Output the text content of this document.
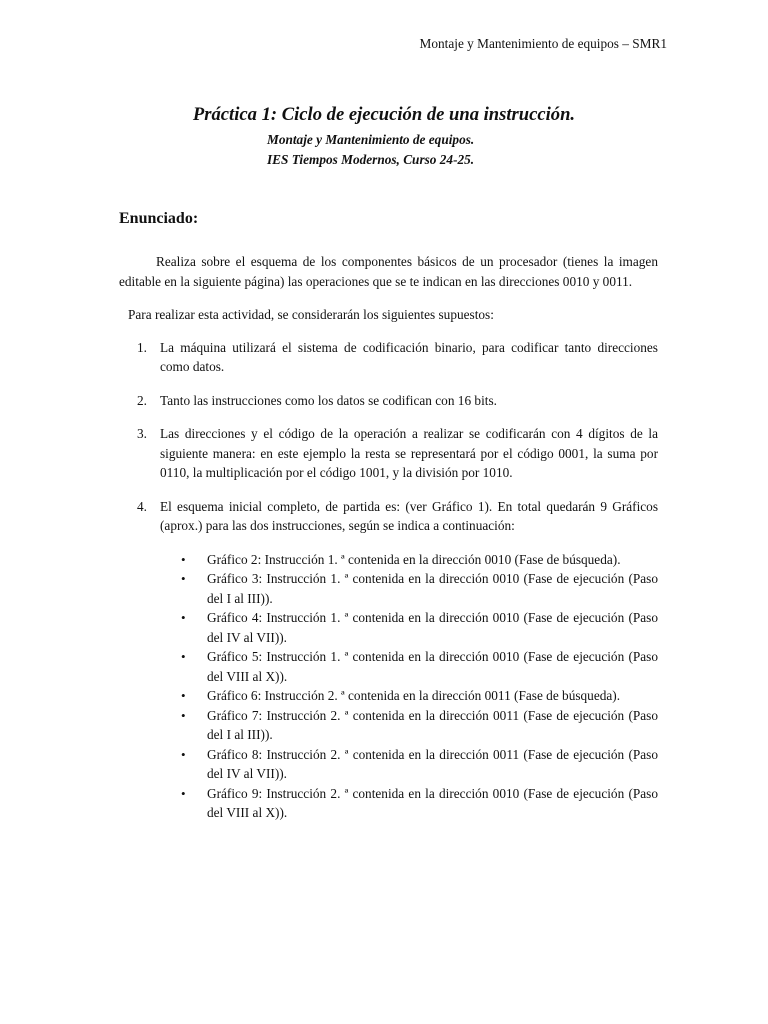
Montaje y Mantenimiento de equipos – SMR1
Práctica 1: Ciclo de ejecución de una instrucción.

Montaje y Mantenimiento de equipos.

IES Tiempos Modernos, Curso 24-25.

Enunciado:

Realiza sobre el esquema de los componentes básicos de un procesador (tienes la imagen editable en la siguiente página) las operaciones que se te indican en las direcciones 0010 y 0011.

Para realizar esta actividad, se considerarán los siguientes supuestos:

1. La máquina utilizará el sistema de codificación binario, para codificar tanto direcciones como datos.
2. Tanto las instrucciones como los datos se codifican con 16 bits.
3. Las direcciones y el código de la operación a realizar se codificarán con 4 dígitos de la siguiente manera: en este ejemplo la resta se representará por el código 0001, la suma por 0110, la multiplicación por el código 1001, y la división por 1010.
4. El esquema inicial completo, de partida es: (ver Gráfico 1). En total quedarán 9 Gráficos (aprox.) para las dos instrucciones, según se indica a continuación:
• Gráfico 2: Instrucción 1. ª contenida en la dirección 0010 (Fase de búsqueda).
• Gráfico 3: Instrucción 1. ª contenida en la dirección 0010 (Fase de ejecución (Paso del I al III)).
• Gráfico 4: Instrucción 1. ª contenida en la dirección 0010 (Fase de ejecución (Paso del IV al VII)).
• Gráfico 5: Instrucción 1. ª contenida en la dirección 0010 (Fase de ejecución (Paso del VIII al X)).
• Gráfico 6: Instrucción 2. ª contenida en la dirección 0011 (Fase de búsqueda).
• Gráfico 7: Instrucción 2. ª contenida en la dirección 0011 (Fase de ejecución (Paso del I al III)).
• Gráfico 8: Instrucción 2. ª contenida en la dirección 0011 (Fase de ejecución (Paso del IV al VII)).
• Gráfico 9: Instrucción 2. ª contenida en la dirección 0010 (Fase de ejecución (Paso del VIII al X)).
